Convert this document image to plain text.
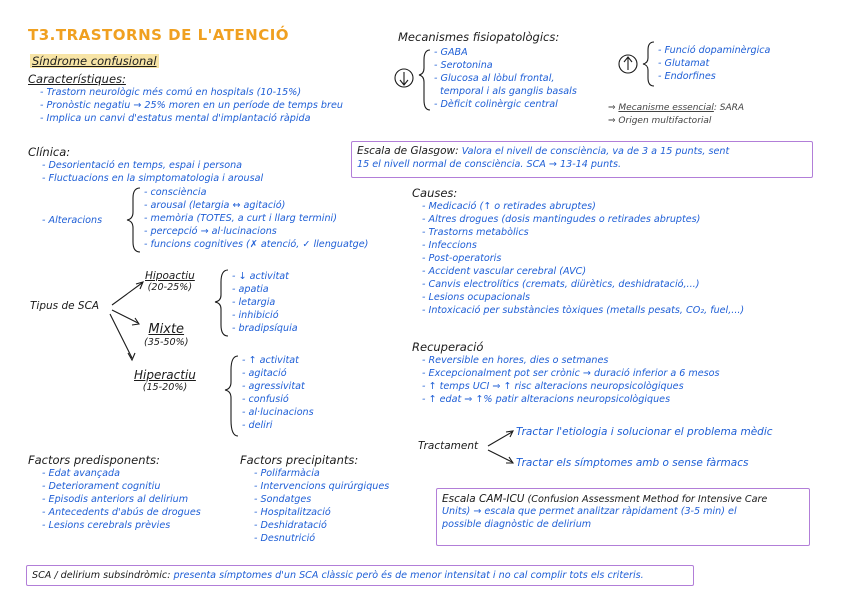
T3.TRASTORNS DE L'ATENCIÓ
Síndrome confusional
Característiques:
- Trastorn neurològic més comú en hospitals (10-15%)
- Pronòstic negatiu → 25% moren en un període de temps breu
- Implica un canvi d'estatus mental d'implantació ràpida
Clínica:
- Desorientació en temps, espai i persona
- Fluctuacions en la simptomatologia i arousal
- Alteracions
- consciència
- arousal (letargia ↔ agitació)
- memòria (TOTES, a curt i llarg termini)
- percepció → al·lucinacions
- funcions cognitives (✗ atenció, ✓ llenguatge)
Tipus de SCA
Hipoactiu
(20-25%)
- ↓ activitat
- apatia
- letargia
- inhibició
- bradipsíquia
Mixte
(35-50%)
Hiperactiu
(15-20%)
- ↑ activitat
- agitació
- agressivitat
- confusió
- al·lucinacions
- deliri
Factors predisponents:
- Edat avançada
- Deteriorament cognitiu
- Episodis anteriors al delirium
- Antecedents d'abús de drogues
- Lesions cerebrals prèvies
Factors precipitants:
- Polifarmàcia
- Intervencions quirúrgiques
- Sondatges
- Hospitalització
- Deshidratació
- Desnutrició
Mecanismes fisiopatològics:
- GABA
- Serotonina
- Glucosa al lòbul frontal,
temporal i als ganglis basals
- Dèficit colinèrgic central
- Funció dopaminèrgica
- Glutamat
- Endorfines
⇒ Mecanisme essencial: SARA
⇒ Origen multifactorial
Escala de Glasgow: Valora el nivell de consciència, va de 3 a 15 punts, sent
15 el nivell normal de consciència. SCA → 13-14 punts.
Causes:
- Medicació (↑ o retirades abruptes)
- Altres drogues (dosis mantingudes o retirades abruptes)
- Trastorns metabòlics
- Infeccions
- Post-operatoris
- Accident vascular cerebral (AVC)
- Canvis electrolítics (cremats, diürètics, deshidratació,...)
- Lesions ocupacionals
- Intoxicació per substàncies tòxiques (metalls pesats, CO₂, fuel,...)
Recuperació
- Reversible en hores, dies o setmanes
- Excepcionalment pot ser crònic → duració inferior a 6 mesos
- ↑ temps UCI ⇒ ↑ risc alteracions neuropsicològiques
- ↑ edat ⇒ ↑% patir alteracions neuropsicològiques
Tractament
Tractar l'etiologia i solucionar el problema mèdic
Tractar els símptomes amb o sense fàrmacs
Escala CAM-ICU (Confusion Assessment Method for Intensive Care
Units) → escala que permet analitzar ràpidament (3-5 min) el
possible diagnòstic de delirium
SCA / delirium subsindròmic: presenta símptomes d'un SCA clàssic però és de menor intensitat i no cal complir tots els criteris.
